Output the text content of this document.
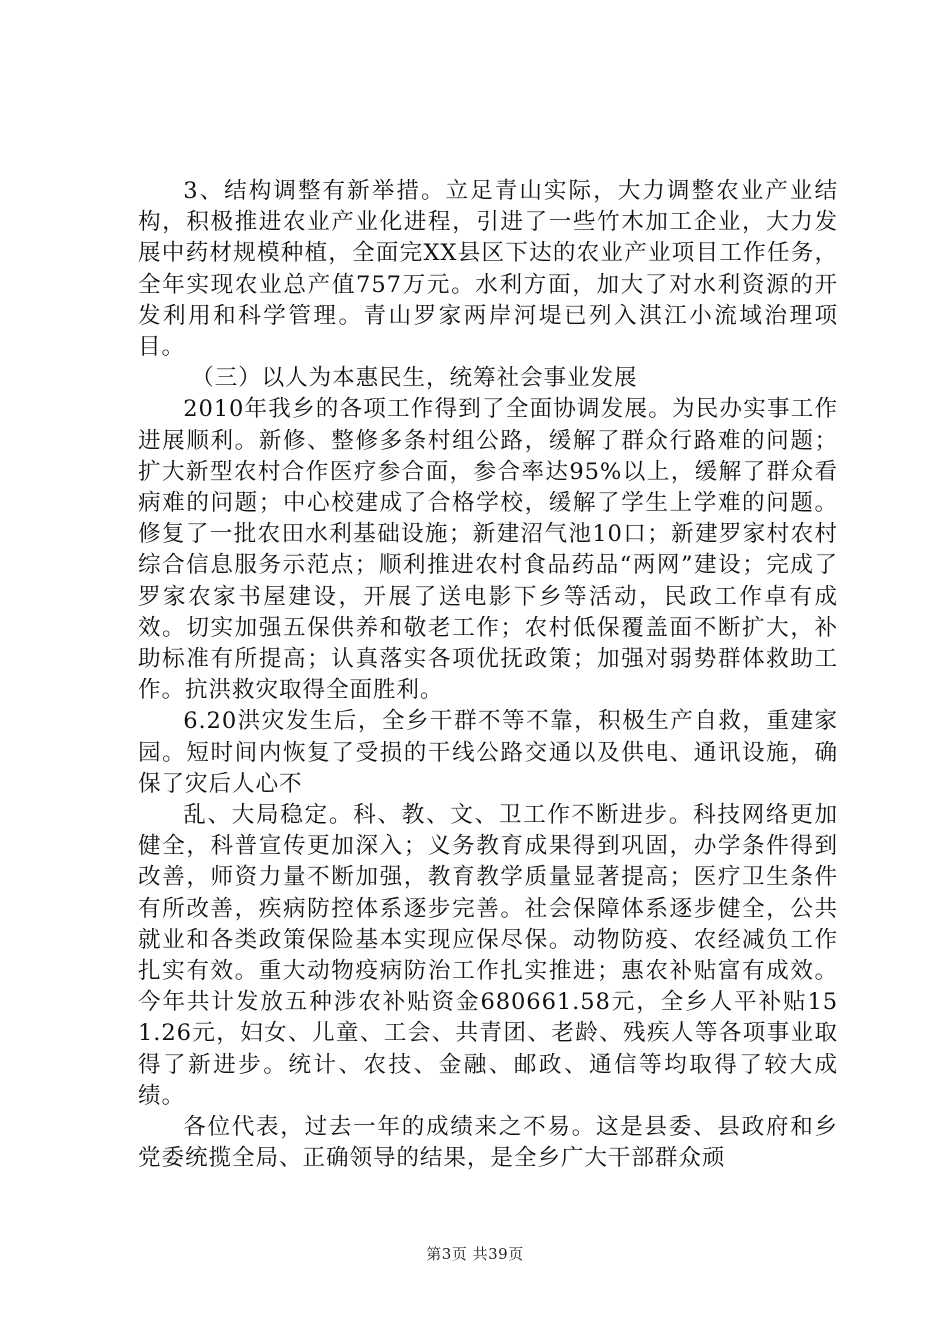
3、结构调整有新举措。立足青山实际，大力调整农业产业结构，积极推进农业产业化进程，引进了一些竹木加工企业，大力发展中药材规模种植，全面完XX县区下达的农业产业项目工作任务，全年实现农业总产值757万元。水利方面，加大了对水利资源的开发利用和科学管理。青山罗家两岸河堤已列入淇江小流域治理项目。

（三）以人为本惠民生，统筹社会事业发展

2010年我乡的各项工作得到了全面协调发展。为民办实事工作进展顺利。新修、整修多条村组公路，缓解了群众行路难的问题；扩大新型农村合作医疗参合面，参合率达95%以上，缓解了群众看病难的问题；中心校建成了合格学校，缓解了学生上学难的问题。修复了一批农田水利基础设施；新建沼气池10口；新建罗家村农村综合信息服务示范点；顺利推进农村食品药品“两网”建设；完成了罗家农家书屋建设，开展了送电影下乡等活动，民政工作卓有成效。切实加强五保供养和敬老工作；农村低保覆盖面不断扩大，补助标准有所提高；认真落实各项优抚政策；加强对弱势群体救助工作。抗洪救灾取得全面胜利。

6.20洪灾发生后，全乡干群不等不靠，积极生产自救，重建家园。短时间内恢复了受损的干线公路交通以及供电、通讯设施，确保了灾后人心不

乱、大局稳定。科、教、文、卫工作不断进步。科技网络更加健全，科普宣传更加深入；义务教育成果得到巩固，办学条件得到改善，师资力量不断加强，教育教学质量显著提高；医疗卫生条件有所改善，疾病防控体系逐步完善。社会保障体系逐步健全，公共就业和各类政策保险基本实现应保尽保。动物防疫、农经减负工作扎实有效。重大动物疫病防治工作扎实推进；惠农补贴富有成效。今年共计发放五种涉农补贴资金680661.58元，全乡人平补贴151.26元，妇女、儿童、工会、共青团、老龄、残疾人等各项事业取得了新进步。统计、农技、金融、邮政、通信等均取得了较大成绩。

各位代表，过去一年的成绩来之不易。这是县委、县政府和乡党委统揽全局、正确领导的结果，是全乡广大干部群众顽

第3页 共39页
